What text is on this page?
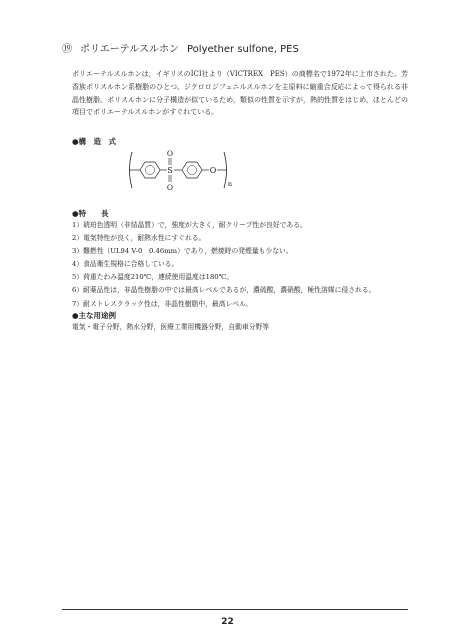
⑲ ポリエーテルスルホン Polyether sulfone, PES
ポリエーテルスルホンは，イギリスのICI社より（VICTREX　PES）の商標名で1972年に上市された。芳香族ポリスルホン系樹脂のひとつ。ジクロロジフェニルスルホンを主原料に縮重合反応によって得られる非晶性樹脂。ポリスルホンに分子構造が似ているため，類似の性質を示すが，熱的性質をはじめ，ほとんどの項目でポリエーテルスルホンがすぐれている。
●構　造　式
S
O
O
O
n
●特　　長
1）琥珀色透明（非結晶質）で，強度が大きく，耐クリープ性が良好である。
2）電気特性が良く，耐熱水性にすぐれる。
3）難燃性（UL94 V-0　0.46mm）であり，燃焼時の発煙量も少ない。
4）食品衛生規格に合格している。
5）荷重たわみ温度210℃，連続使用温度は180℃。
6）耐薬品性は，非晶性樹脂の中では最高レベルであるが，濃硫酸，濃硝酸，極性溶媒に侵される。
7）耐ストレスクラック性は，非晶性樹脂中，最高レベル。
●主な用途例
電気・電子分野，熱水分野，医療工業用機器分野，自動車分野等
22
